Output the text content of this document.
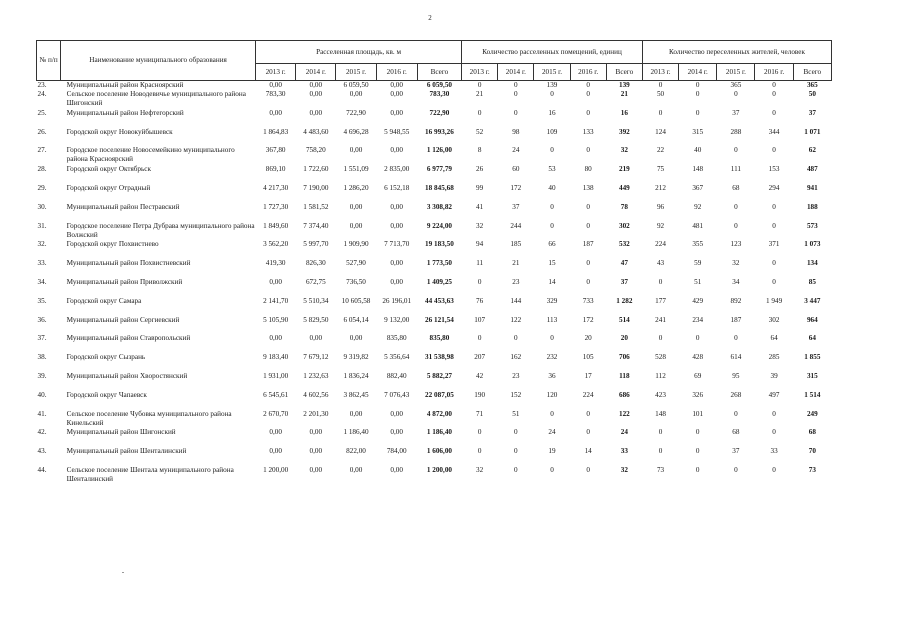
2
№ п/п	Наименование муниципального образования	Расселенная площадь, кв. м					Количество расселенных помещений, единиц					Количество переселенных жителей, человек				
		2013 г.	2014 г.	2015 г.	2016 г.	Всего	2013 г.	2014 г.	2015 г.	2016 г.	Всего	2013 г.	2014 г.	2015 г.	2016 г.	Всего
23.	Муниципальный район Красноярский	0,00	0,00	6 059,50	0,00	6 059,50	0	0	139	0	139	0	0	365	0	365
24.	Сельское поселение Новодевичье муниципального района Шигонский	783,30	0,00	0,00	0,00	783,30	21	0	0	0	21	50	0	0	0	50
25.	Муниципальный район Нефтегорский	0,00	0,00	722,90	0,00	722,90	0	0	16	0	16	0	0	37	0	37
26.	Городской округ Новокуйбышевск	1 864,83	4 483,60	4 696,28	5 948,55	16 993,26	52	98	109	133	392	124	315	288	344	1 071
27.	Городское поселение Новосемейкино муниципального района Красноярский	367,80	758,20	0,00	0,00	1 126,00	8	24	0	0	32	22	40	0	0	62
28.	Городской округ Октябрьск	869,10	1 722,60	1 551,09	2 835,00	6 977,79	26	60	53	80	219	75	148	111	153	487
29.	Городской округ Отрадный	4 217,30	7 190,00	1 286,20	6 152,18	18 845,68	99	172	40	138	449	212	367	68	294	941
30.	Муниципальный район Пестравский	1 727,30	1 581,52	0,00	0,00	3 308,82	41	37	0	0	78	96	92	0	0	188
31.	Городское поселение Петра Дубрава муниципального района Волжский	1 849,60	7 374,40	0,00	0,00	9 224,00	32	244	0	0	302	92	481	0	0	573
32.	Городской округ Похвистнево	3 562,20	5 997,70	1 909,90	7 713,70	19 183,50	94	185	66	187	532	224	355	123	371	1 073
33.	Муниципальный район Похвистневский	419,30	826,30	527,90	0,00	1 773,50	11	21	15	0	47	43	59	32	0	134
34.	Муниципальный район Приволжский	0,00	672,75	736,50	0,00	1 409,25	0	23	14	0	37	0	51	34	0	85
35.	Городской округ Самара	2 141,70	5 510,34	10 605,58	26 196,01	44 453,63	76	144	329	733	1 282	177	429	892	1 949	3 447
36.	Муниципальный район Сергиевский	5 105,90	5 829,50	6 054,14	9 132,00	26 121,54	107	122	113	172	514	241	234	187	302	964
37.	Муниципальный район Ставропольский	0,00	0,00	0,00	835,80	835,80	0	0	0	20	20	0	0	0	64	64
38.	Городской округ Сызрань	9 183,40	7 679,12	9 319,82	5 356,64	31 538,98	207	162	232	105	706	528	428	614	285	1 855
39.	Муниципальный район Хворостянский	1 931,00	1 232,63	1 836,24	882,40	5 882,27	42	23	36	17	118	112	69	95	39	315
40.	Городской округ Чапаевск	6 545,61	4 602,56	3 862,45	7 076,43	22 087,05	190	152	120	224	686	423	326	268	497	1 514
41.	Сельское поселение Чубовка муниципального района Кинельский	2 670,70	2 201,30	0,00	0,00	4 872,00	71	51	0	0	122	148	101	0	0	249
42.	Муниципальный район Шигонский	0,00	0,00	1 186,40	0,00	1 186,40	0	0	24	0	24	0	0	68	0	68
43.	Муниципальный район Шенталинский	0,00	0,00	822,00	784,00	1 606,00	0	0	19	14	33	0	0	37	33	70
44.	Сельское поселение Шентала муниципального района Шенталинский	1 200,00	0,00	0,00	0,00	1 200,00	32	0	0	0	32	73	0	0	0	73
